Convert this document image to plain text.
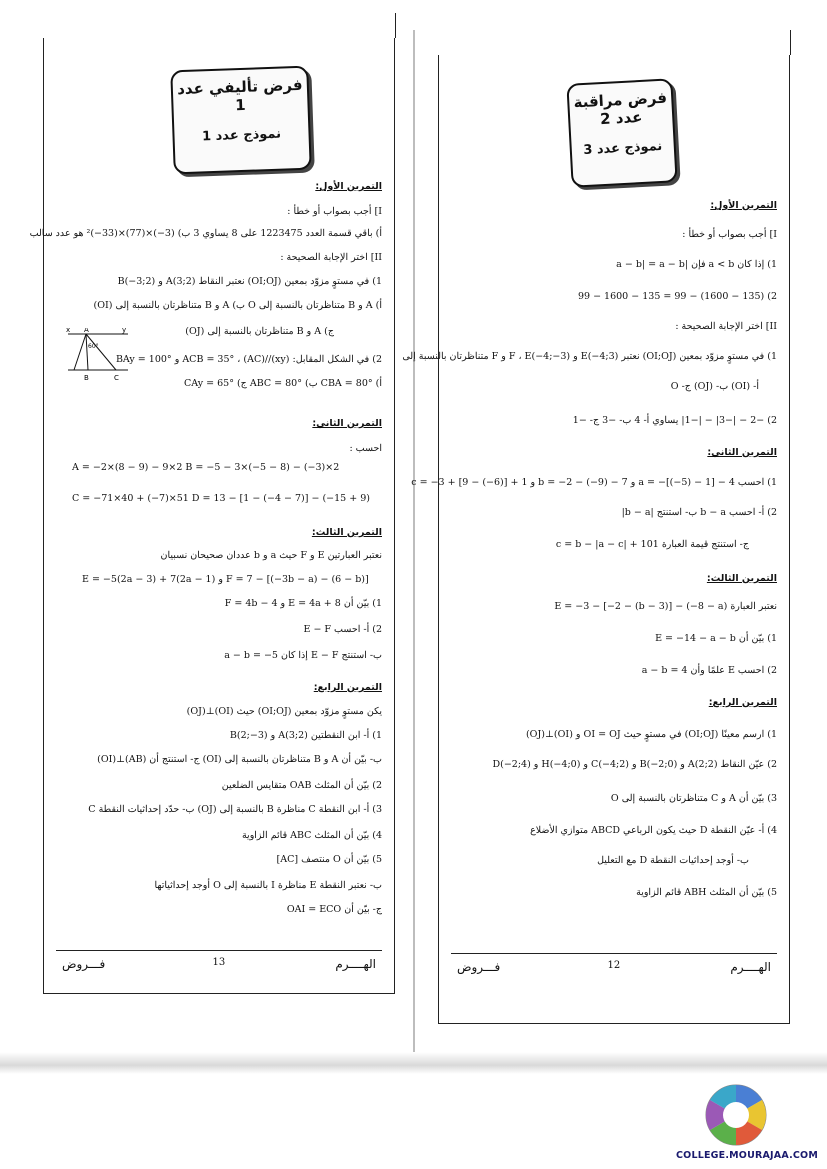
فرض تأليفي عدد 1
نموذج عدد 1
التمرين الأول:
I] أجب بصواب أو خطأ :
أ) باقي قسمة العدد 1223475 على 8 يساوي 3 ب) (3−)×(77)×(33−)² هو عدد سالب
II] اختر الإجابة الصحيحة :
1) في مستوٍ مزوّد بمعين (OI;OJ) نعتبر النقاط (2;3)A و (2;3−)B
أ) A و B متناظرتان بالنسبة إلى O ب) A و B متناظرتان بالنسبة إلى (OI)
ج) A و B متناظرتان بالنسبة إلى (OJ)
2) في الشكل المقابل: (xy)//(AC) ، ACB = 35° و BAy = 100°
أ) CBA = 80° ب) ABC = 80° ج) CAy = 65°
A
B	C
x	y
60°
التمرين الثاني:
احسب :
A = −2×(8 − 9) − 9×2 B = −5 − 3×(−5 − 8) − (−3)×2
C = −71×40 + (−7)×51 D = 13 − [1 − (−4 − 7)] − (−15 + 9)
التمرين الثالث:
نعتبر العبارتين E و F حيث a و b عددان صحيحان نسبيان
E = −5(2a − 3) + 7(2a − 1) و F = 7 − [(−3b − a) − (6 − b)]
1) بيّن أن E = 4a + 8 و F = 4b − 4
2) أ- احسب E − F
ب- استنتج E − F إذا كان a − b = −5
التمرين الرابع:
يكن مستوٍ مزوّد بمعين (OI;OJ) حيث (OI)⊥(OJ)
1) أ- ابن النقطتين (2;3)A و (3−;2)B
ب- بيّن أن A و B متناظرتان بالنسبة إلى (OI) ج- استنتج أن (AB)⊥(OI)
2) بيّن أن المثلث OAB متقايس الضلعين
3) أ- ابن النقطة C مناظرة B بالنسبة إلى (OJ) ب- حدّد إحداثيات النقطة C
4) بيّن أن المثلث ABC قائم الزاوية
5) بيّن أن O منتصف [AC]
ب- نعتبر النقطة E مناظرة I بالنسبة إلى O أوجد إحداثياتها
ج- بيّن أن OAI = ECO
فـــروض	13	الهــــرم
فرض مراقبة عدد 2
نموذج عدد 3
التمرين الأول:
I] أجب بصواب أو خطأ :
1) إذا كان a < b فإن |a − b| = a − b
2) (135 − 1600) − 99 = 135 − 1600 − 99
II] اختر الإجابة الصحيحة :
1) في مستوٍ مزوّد بمعين (OI;OJ) نعتبر (3;4−)E و (3−;4−)F ، E و F متناظرتان بالنسبة إلى
أ- (OI) ب- (OJ) ج- O
2) −2 − |−3| − |−1| يساوي أ- 4 ب- −3 ج- −1
التمرين الثاني:
1) احسب a = −[(−5) − 1] − 4 و b = −2 − (−9) − 7 و c = −3 + [9 − (−6)] + 1
2) أ- احسب b − a ب- استنتج |b − a|
ج- استنتج قيمة العبارة c = b − |a − c| + 101
التمرين الثالث:
نعتبر العبارة E = −3 − [−2 − (b − 3)] − (−8 − a)
1) بيّن أن E = −14 − a − b
2) احسب E علمًا وأن a − b = 4
التمرين الرابع:
1) ارسم معينًا (OI;OJ) في مستوٍ حيث OI = OJ و (OI)⊥(OJ)
2) عيّن النقاط (2;2)A و (0;2−)B و (2;4−)C و (0;4−)H و (4;2−)D
3) بيّن أن A و C متناظرتان بالنسبة إلى O
4) أ- عيّن النقطة D حيث يكون الرباعي ABCD متوازي الأضلاع
ب- أوجد إحداثيات النقطة D مع التعليل
5) بيّن أن المثلث ABH قائم الزاوية
فـــروض	12	الهــــرم
COLLEGE.MOURAJAA.COM
